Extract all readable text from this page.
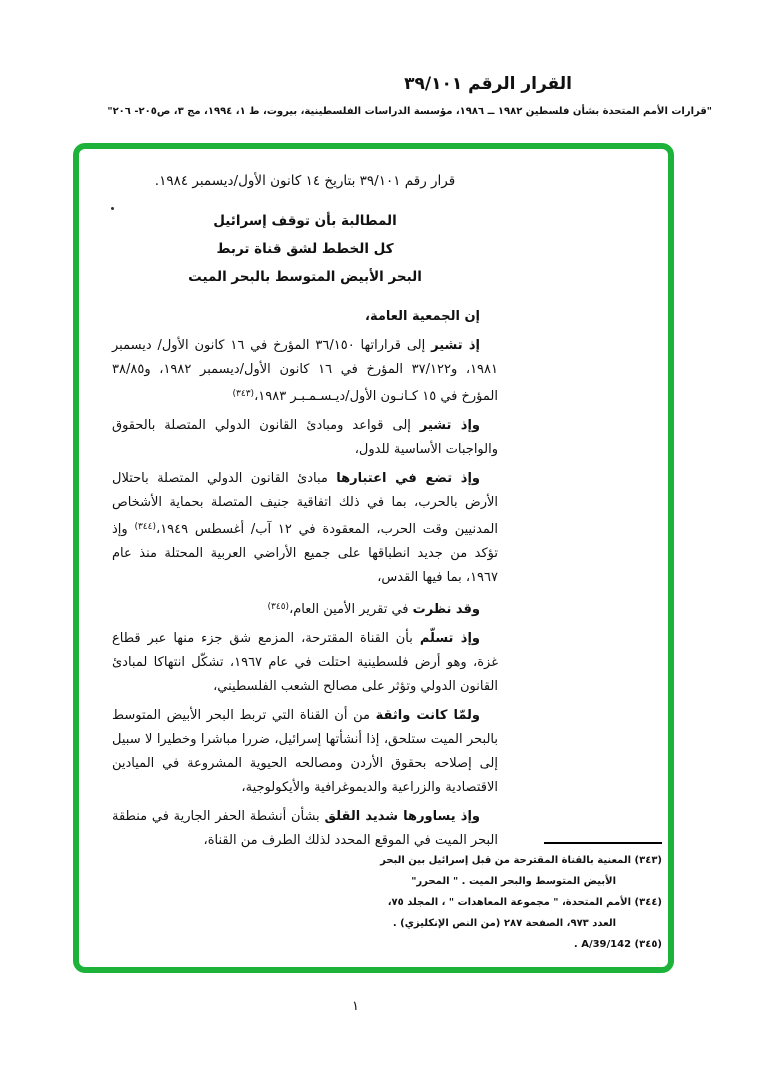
القرار الرقم ٣٩/١٠١
"قرارات الأمم المتحدة بشأن فلسطين ١٩٨٢ ــ ١٩٨٦، مؤسسة الدراسات الفلسطينية، بيروت، ط ١، ١٩٩٤، مج ٣، ص٢٠٥- ٢٠٦"
قرار رقم ٣٩/١٠١ بتاريخ ١٤ كانون الأول/ديسمبر ١٩٨٤.
المطالبة بأن توقف إسرائيل
كل الخطط لشق قناة تربط
البحر الأبيض المتوسط بالبحر الميت

إن الجمعية العامة،

إذ تشير إلى قراراتها ٣٦/١٥٠ المؤرخ في ١٦ كانون الأول/ ديسمبر ١٩٨١، و٣٧/١٢٢ المؤرخ في ١٦ كانون الأول/ديسمبر ١٩٨٢، و٣٨/٨٥ المؤرخ في ١٥ كـانـون الأول/ديـسـمـبـر ١٩٨٣،$^{(٣٤٣)}$

وإذ تشير إلى قواعد ومبادئ القانون الدولي المتصلة بالحقوق والواجبات الأساسية للدول،

وإذ تضع في اعتبارها مبادئ القانون الدولي المتصلة باحتلال الأرض بالحرب، بما في ذلك اتفاقية جنيف المتصلة بحماية الأشخاص المدنيين وقت الحرب، المعقودة في ١٢ آب/ أغسطس ١٩٤٩،$^{(٣٤٤)}$ وإذ تؤكد من جديد انطباقها على جميع الأراضي العربية المحتلة منذ عام ١٩٦٧، بما فيها القدس،

وقد نظرت في تقرير الأمين العام،$^{(٣٤٥)}$

وإذ تسلّم بأن القناة المقترحة، المزمع شق جزء منها عبر قطاع غزة، وهو أرض فلسطينية احتلت في عام ١٩٦٧، تشكّل انتهاكا لمبادئ القانون الدولي وتؤثر على مصالح الشعب الفلسطيني،

ولمّا كانت واثقة من أن القناة التي تربط البحر الأبيض المتوسط بالبحر الميت ستلحق، إذا أنشأتها إسرائيل، ضررا مباشرا وخطيرا لا سبيل إلى إصلاحه بحقوق الأردن ومصالحه الحيوية المشروعة في الميادين الاقتصادية والزراعية والديموغرافية والأيكولوجية،

وإذ يساورها شديد القلق بشأن أنشطة الحفر الجارية في منطقة البحر الميت في الموقع المحدد لذلك الطرف من القناة،

(٣٤٣) المعنية بالقناة المقترحة من قبل إسرائيل بين البحر الأبيض المتوسط والبحر الميت . " المحرر"
(٣٤٤) الأمم المتحدة، " مجموعة المعاهدات " ، المجلد ٧٥، العدد ٩٧٣، الصفحة ٢٨٧ (من النص الإنكليزي) .
(٣٤٥) A/39/142 .
١
